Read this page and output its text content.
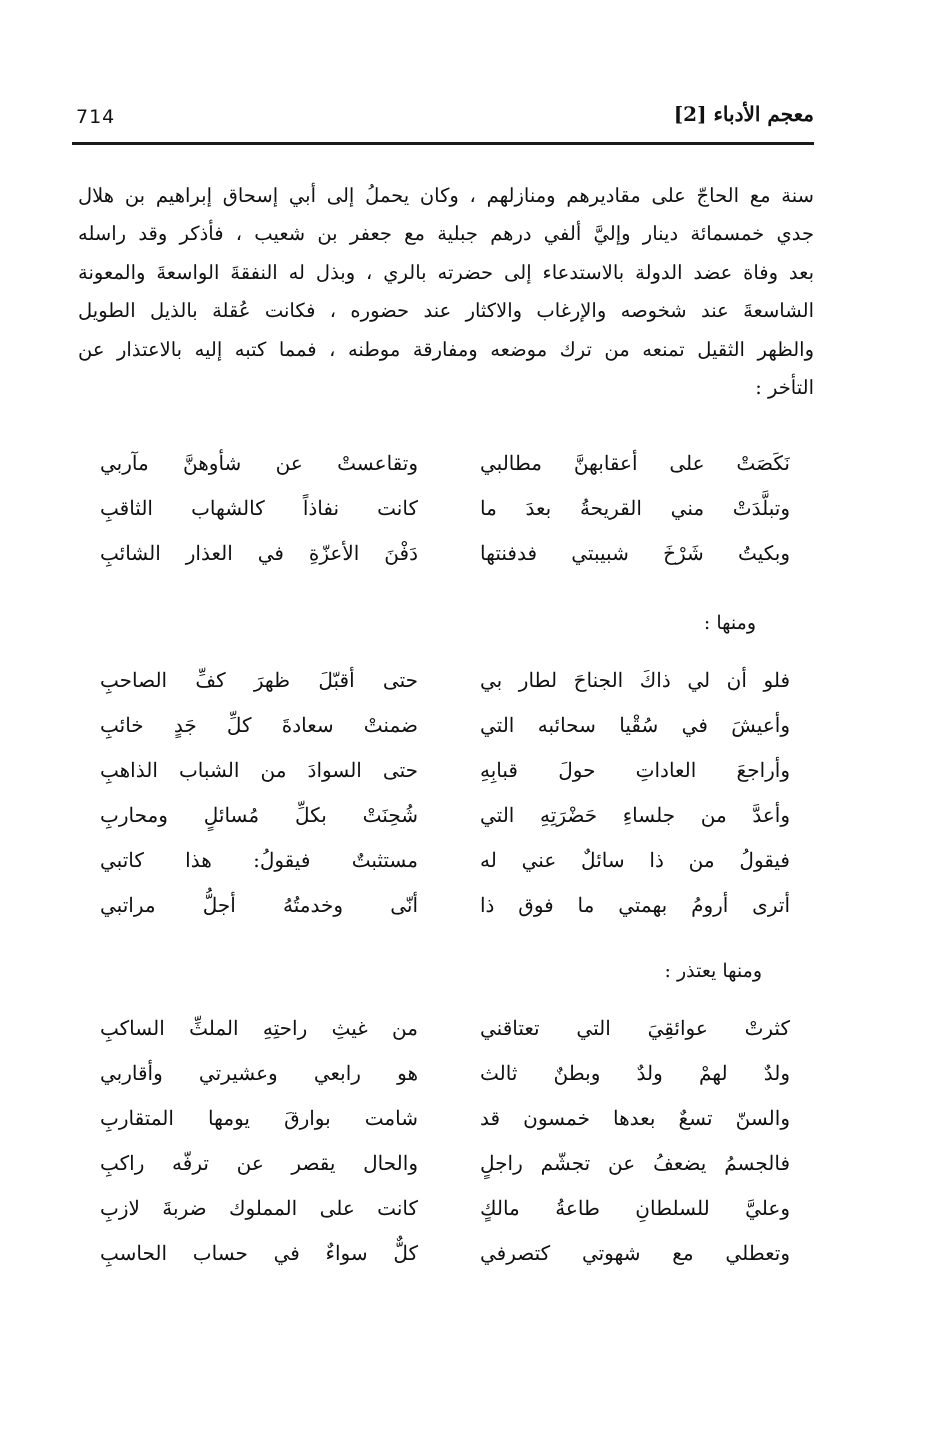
714	معجم الأدباء [2]
سنة مع الحاجّ على مقاديرهم ومنازلهم ، وكان يحملُ إلى أبي إسحاق إبراهيم بن هلال
جدي خمسمائة دينار وإليَّ ألفي درهم جبلية مع جعفر بن شعيب ، فأذكر وقد راسله
بعد وفاة عضد الدولة بالاستدعاء إلى حضرته بالري ، وبذل له النفقةَ الواسعةَ والمعونة
الشاسعةَ عند شخوصه والإرغاب والاكثار عند حضوره ، فكانت عُقلة بالذيل الطويل
والظهر الثقيل تمنعه من ترك موضعه ومفارقة موطنه ، فمما كتبه إليه بالاعتذار عن
التأخر :
نَكَصَتْ على أعقابهنَّ مطالبي
وتقاعستْ عن شأوهنَّ مآربي
وتبلَّدَتْ مني القريحةُ بعدَ ما
كانت نفاذاً كالشهاب الثاقبِ
وبكيتُ شَرْخَ شبيبتي فدفنتها
دَفْنَ الأعزّةِ في العذار الشائبِ
ومنها :
فلو أن لي ذاكَ الجناحَ لطار بي
حتى أقبّلَ ظهرَ كفِّ الصاحبِ
وأعيشَ في سُقْيا سحائبه التي
ضمنتْ سعادةَ كلِّ جَدٍ خائبِ
وأراجعَ العاداتِ حولَ قبابِهِ
حتى السوادَ من الشباب الذاهبِ
وأعدَّ من جلساءِ حَضْرَتِهِ التي
شُحِنَتْ بكلِّ مُسائلٍ ومحاربِ
فيقولُ من ذا سائلٌ عني له
مستثبتٌ فيقولُ: هذا كاتبي
أترى أرومُ بهمتي ما فوق ذا
أنّى وخدمتُهُ أجلُّ مراتبي
ومنها يعتذر :
كثرتْ عوائقِيَ التي تعتاقني
من غيثِ راحتِهِ الملثِّ الساكبِ
ولدٌ لهمْ ولدٌ وبطنٌ ثالث
هو رابعي وعشيرتي وأقاربي
والسنّ تسعٌ بعدها خمسون قد
شامت بوارقَ يومها المتقاربِ
فالجسمُ يضعفُ عن تجشّم راجلٍ
والحال يقصر عن ترفّه راكبِ
وعليَّ للسلطانِ طاعةُ مالكٍ
كانت على المملوك ضربةَ لازبِ
وتعطلي مع شهوتي كتصرفي
كلٌّ سواءٌ في حساب الحاسبِ
